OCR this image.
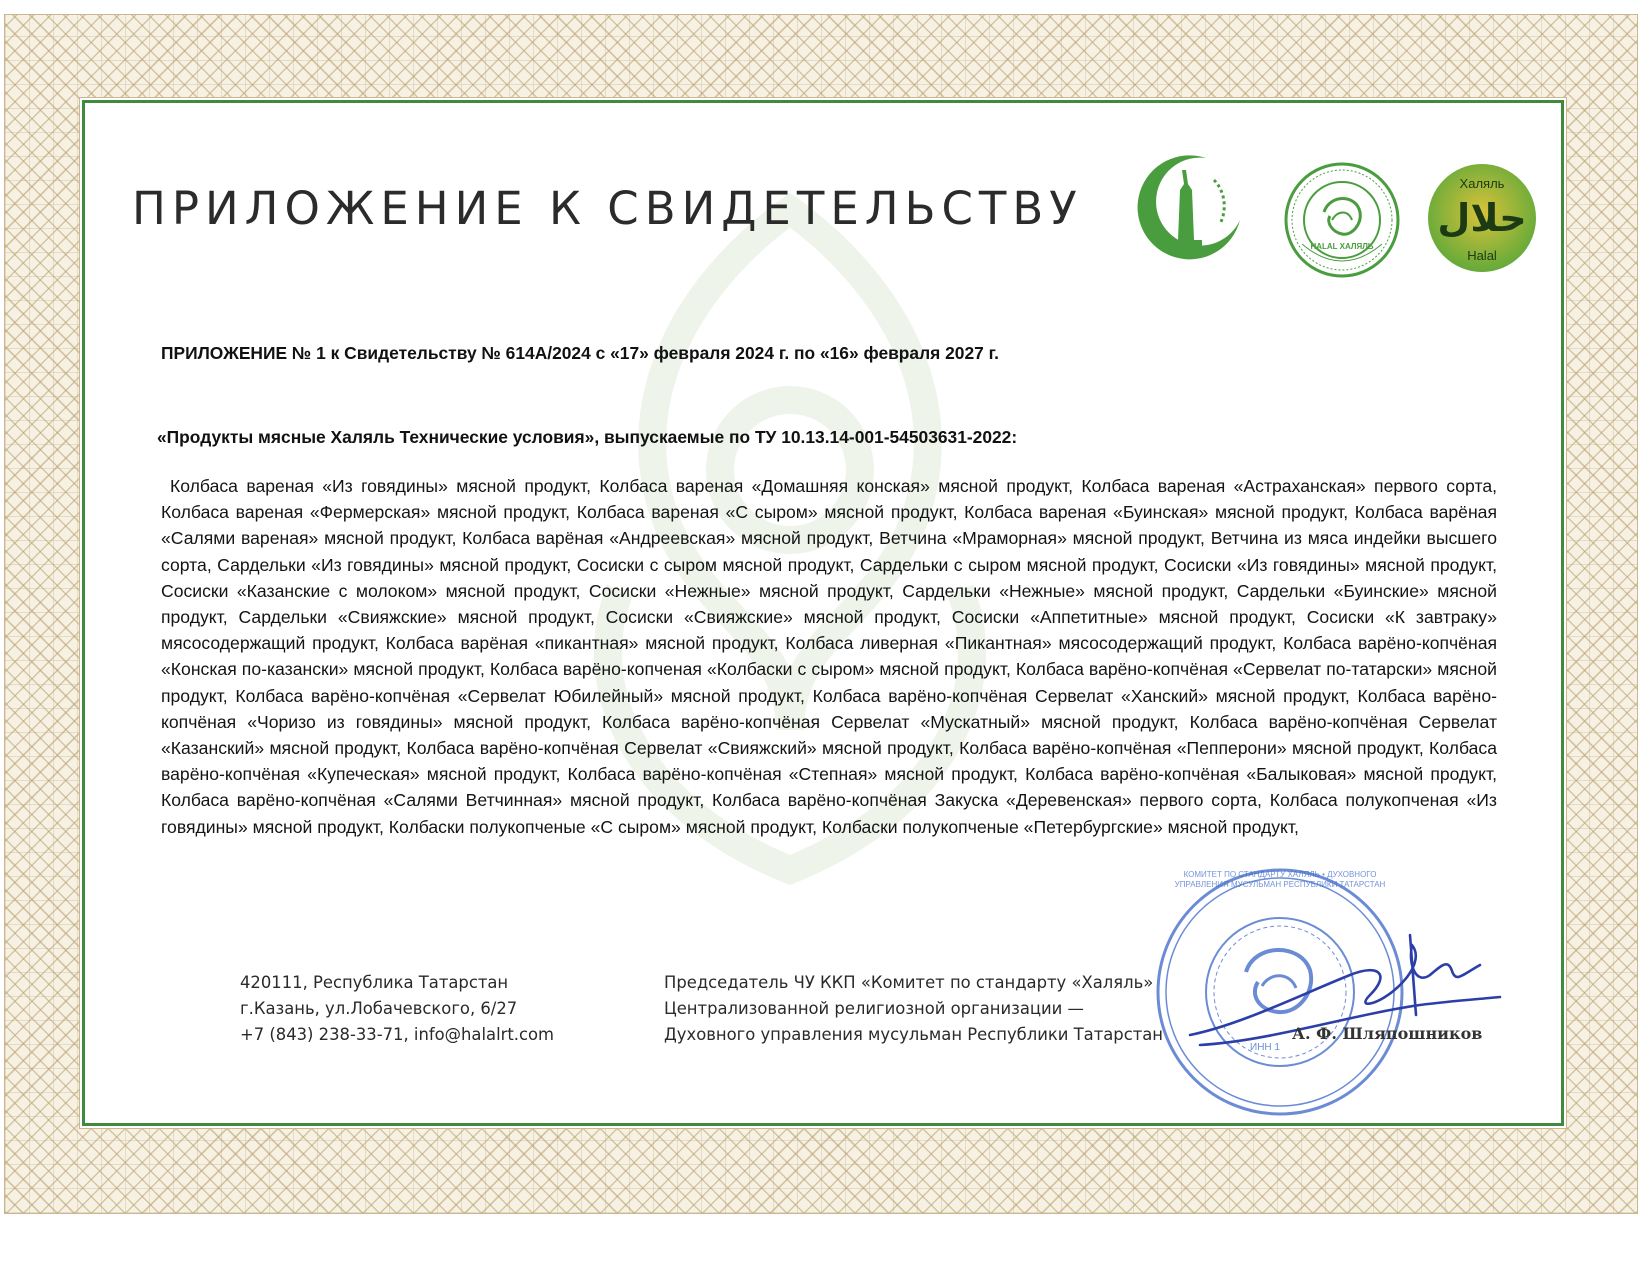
ПРИЛОЖЕНИЕ К СВИДЕТЕЛЬСТВУ	Халяль
حلال
Halal
HALAL ХАЛЯЛЬ
ПРИЛОЖЕНИЕ № 1 к Свидетельству № 614А/2024 с «17» февраля 2024 г. по «16» февраля 2027 г.
«Продукты мясные Халяль Технические условия», выпускаемые по ТУ 10.13.14-001-54503631-2022:
Колбаса вареная «Из говядины» мясной продукт, Колбаса вареная «Домашняя конская» мясной продукт, Колбаса вареная «Астраханская» первого сорта, Колбаса вареная «Фермерская» мясной продукт, Колбаса вареная «С сыром» мясной продукт, Колбаса вареная «Буинская» мясной продукт, Колбаса варёная «Салями вареная» мясной продукт, Колбаса варёная «Андреевская» мясной продукт, Ветчина «Мраморная» мясной продукт, Ветчина из мяса индейки высшего сорта, Сардельки «Из говядины» мясной продукт, Сосиски с сыром мясной продукт, Сардельки с сыром мясной продукт, Сосиски «Из говядины» мясной продукт, Сосиски «Казанские с молоком» мясной продукт, Сосиски «Нежные» мясной продукт, Сардельки «Нежные» мясной продукт, Сардельки «Буинские» мясной продукт, Сардельки «Свияжские» мясной продукт, Сосиски «Свияжские» мясной продукт, Сосиски «Аппетитные» мясной продукт, Сосиски «К завтраку» мясосодержащий продукт, Колбаса варёная «пикантная» мясной продукт, Колбаса ливерная «Пикантная» мясосодержащий продукт, Колбаса варёно-копчёная «Конская по-казански» мясной продукт, Колбаса варёно-копченая «Колбаски с сыром» мясной продукт, Колбаса варёно-копчёная «Сервелат по-татарски» мясной продукт, Колбаса варёно-копчёная «Сервелат Юбилейный» мясной продукт, Колбаса варёно-копчёная Сервелат «Ханский» мясной продукт, Колбаса варёно-копчёная «Чоризо из говядины» мясной продукт, Колбаса варёно-копчёная Сервелат «Мускатный» мясной продукт, Колбаса варёно-копчёная Сервелат «Казанский» мясной продукт, Колбаса варёно-копчёная Сервелат «Свияжский» мясной продукт, Колбаса варёно-копчёная «Пепперони» мясной продукт, Колбаса варёно-копчёная «Купеческая» мясной продукт, Колбаса варёно-копчёная «Степная» мясной продукт, Колбаса варёно-копчёная «Балыковая» мясной продукт, Колбаса варёно-копчёная «Салями Ветчинная» мясной продукт, Колбаса варёно-копчёная Закуска «Деревенская» первого сорта, Колбаса полукопченая «Из говядины» мясной продукт, Колбаски полукопченые «С сыром» мясной продукт, Колбаски полукопченые «Петербургские» мясной продукт,
420111, Республика Татарстан
г.Казань, ул.Лобачевского, 6/27
+7 (843) 238-33-71, info@halalrt.com
Председатель ЧУ ККП «Комитет по стандарту «Халяль»
Централизованной религиозной организации —
Духовного управления мусульман Республики Татарстан
КОМИТЕТ ПО СТАНДАРТУ ХАЛЯЛЬ • ДУХОВНОГО УПРАВЛЕНИЯ МУСУЛЬМАН РЕСПУБЛИКИ ТАТАРСТАН
ИНН 1
А. Ф. Шляпошников
